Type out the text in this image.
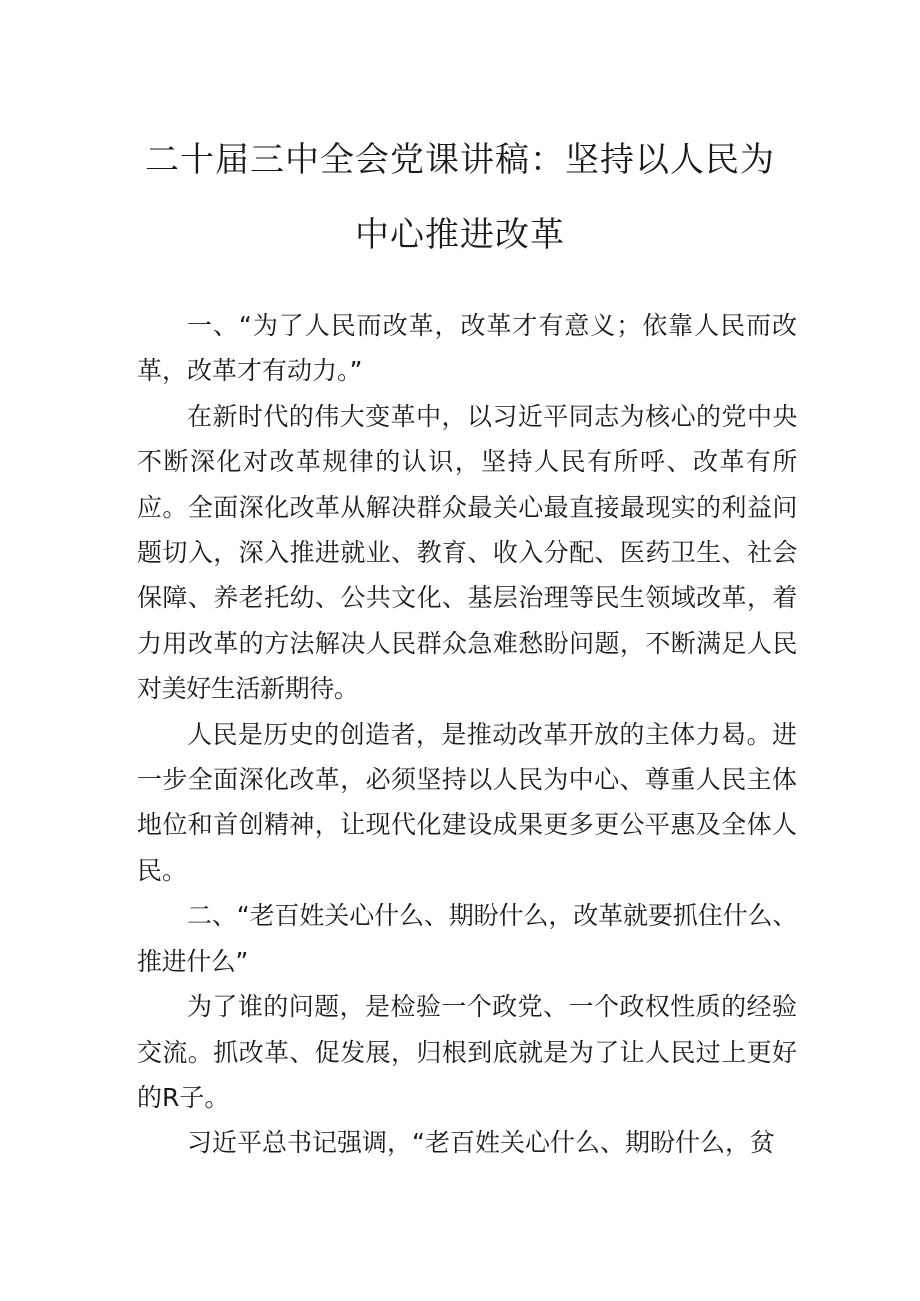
二十届三中全会党课讲稿：坚持以人民为
中心推进改革

一、“为了人民而改革，改革才有意义；依靠人民而改革，改革才有动力。”

在新时代的伟大变革中，以习近平同志为核心的党中央不断深化对改革规律的认识，坚持人民有所呼、改革有所应。全面深化改革从解决群众最关心最直接最现实的利益问题切入，深入推进就业、教育、收入分配、医药卫生、社会保障、养老托幼、公共文化、基层治理等民生领域改革，着力用改革的方法解决人民群众急难愁盼问题，不断满足人民对美好生活新期待。

人民是历史的创造者，是推动改革开放的主体力曷。进一步全面深化改革，必须坚持以人民为中心、尊重人民主体地位和首创精神，让现代化建设成果更多更公平惠及全体人民。

二、“老百姓关心什么、期盼什么，改革就要抓住什么、推进什么”

为了谁的问题，是检验一个政党、一个政权性质的经验交流。抓改革、促发展，归根到底就是为了让人民过上更好的R子。

习近平总书记强调，“老百姓关心什么、期盼什么，贫
